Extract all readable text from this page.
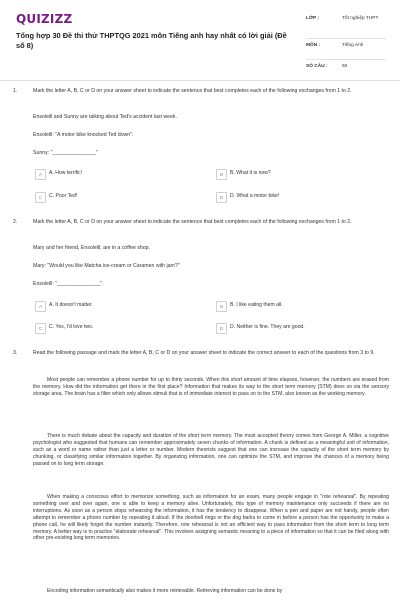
QUIZIZZ
Tổng hợp 30 Đề thi thử THPTQG 2021 môn Tiếng anh hay nhất có lời giải (Đề số 8)
LỚP :	Tốt nghiệp THPT
MÔN :	Tiếng Anh
SỐ CÂU :	50
1.	Mark the letter A, B, C or D on your answer sheet to indicate the sentence that best completes each of the following exchanges from 1 to 2.
Ensoleill and Sunny are talking about Ted's accident last week.
Ensoleill: "A motor bike knocked Ted down".
Sunny: "_______________"
A	A. How terrific!	B	B. What it is now?
C	C. Poor Ted!	D	D. What a motor bike!
2.	Mark the letter A, B, C or D on your answer sheet to indicate the sentence that best completes each of the following exchanges from 1 to 2.
Mary and her friend, Ensoleill, are in a coffee shop.
Mary: "Would you like Matcha ice-cream or Caramen with jam?"
Ensoleill: "_______________".
A	A. It doesn't matter.	B	B. I like eating them all.
C	C. Yes, I'd love two.	D	D. Neither is fine. They are good.
3.	Read the following passage and mark the letter A, B, C or D on your answer sheet to indicate the correct answer to each of the questions from 3 to 9.
Most people can remember a phone number for up to thirty seconds. When this short amount of time elapses, however, the numbers are erased from the memory. How did the information get there in the first place? Information that makes its way to the short term memory (STM) does so via the sensory storage area. The brain has a filter which only allows stimuli that is of immediate interest to pass on to the STM, also known as the working memory.
There is much debate about the capacity and duration of the short term memory. The most accepted theory comes from George A. Miller, a cognitive psychologist who suggested that humans can remember approximately seven chunks of information. A chunk is defined as a meaningful unit of information, such as a word or name rather than just a letter or number. Modern theorists suggest that one can increase the capacity of the short term memory by chunking, or classifying similar information together. By organizing information, one can optimize the STM, and improve the chances of a memory being passed on to long term storage.
When making a conscious effort to memorize something, such as information for an exam, many people engage in "rote rehearsal". By repeating something over and over again, one is able to keep a memory alive. Unfortunately, this type of memory maintenance only succeeds if there are no interruptions. As soon as a person stops rehearsing the information, it has the tendency to disappear. When a pen and paper are not handy, people often attempt to remember a phone number by repeating it aloud. If the doorbell rings or the dog barks to come in before a person has the opportunity to make a phone call, he will likely forget the number instantly. Therefore, rote rehearsal is not an efficient way to pass information from the short term to long term memory. A better way is to practice "elaborate rehearsal". This involves assigning semantic meaning to a piece of information so that it can be filed along with other pre-existing long term memories.
Encoding information semantically also makes it more retrievable. Retrieving information can be done by
